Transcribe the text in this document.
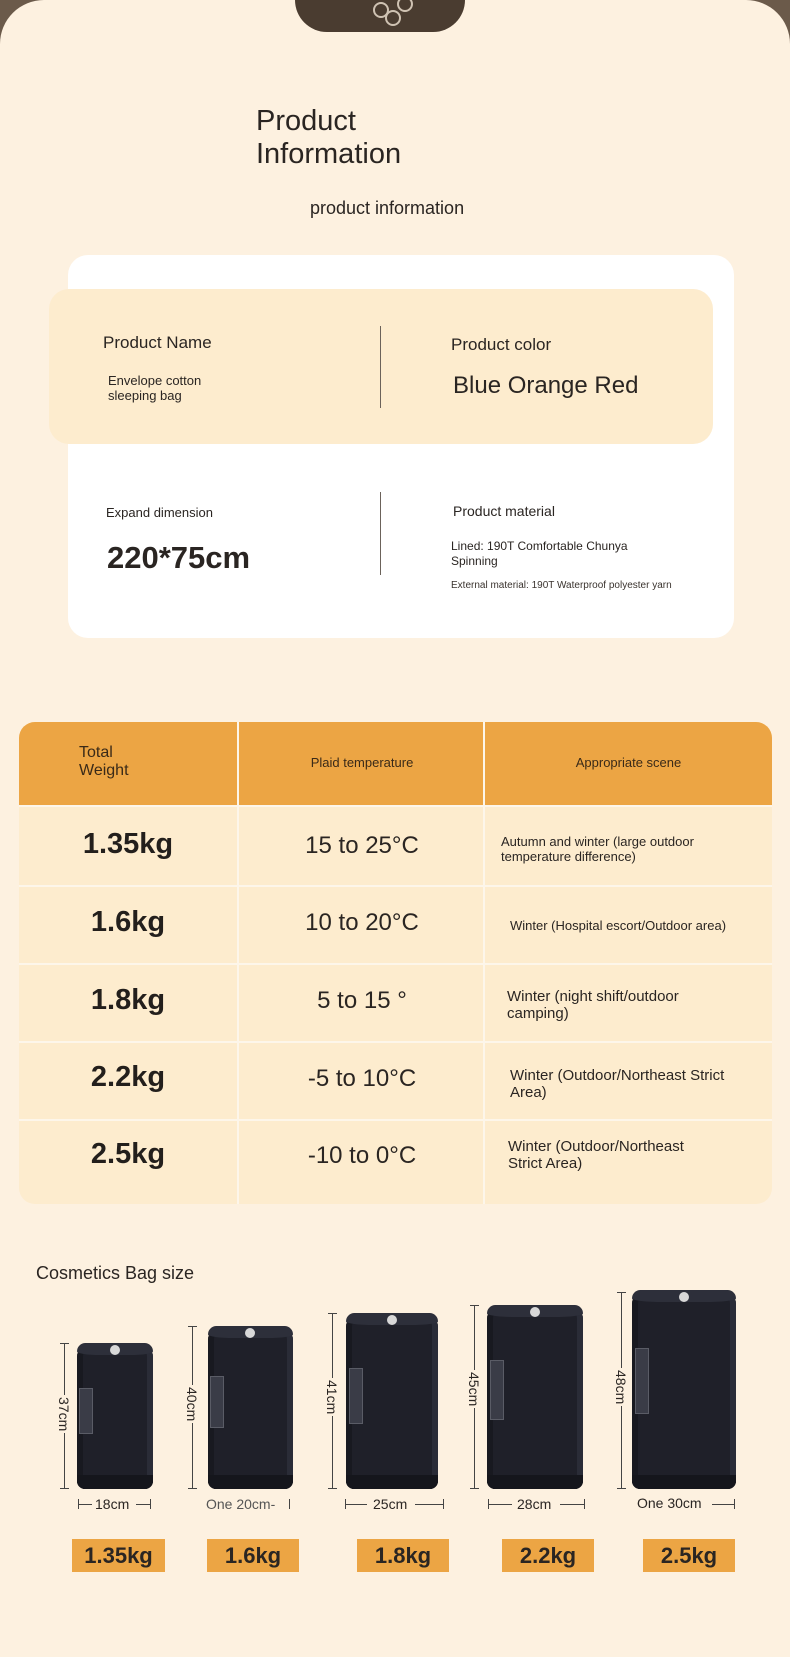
Product Information
product information
Product Name
Envelope cotton sleeping bag
Product color
Blue Orange Red
Expand dimension
220*75cm
Product material
Lined: 190T Comfortable Chunya Spinning
External material: 190T Waterproof polyester yarn
Total Weight	Plaid temperature	Appropriate scene
1.35kg	15 to 25°C	Autumn and winter (large outdoor temperature difference)
1.6kg	10 to 20°C	Winter (Hospital escort/Outdoor area)
1.8kg	5 to 15 °	Winter (night shift/outdoor camping)
2.2kg	-5 to 10°C	Winter (Outdoor/Northeast Strict Area)
2.5kg	-10 to 0°C	Winter (Outdoor/Northeast Strict Area)
Cosmetics Bag size
37cm
18cm
1.35kg
40cm
One 20cm-
1.6kg
41cm
25cm
1.8kg
45cm
28cm
2.2kg
48cm
One 30cm
2.5kg
